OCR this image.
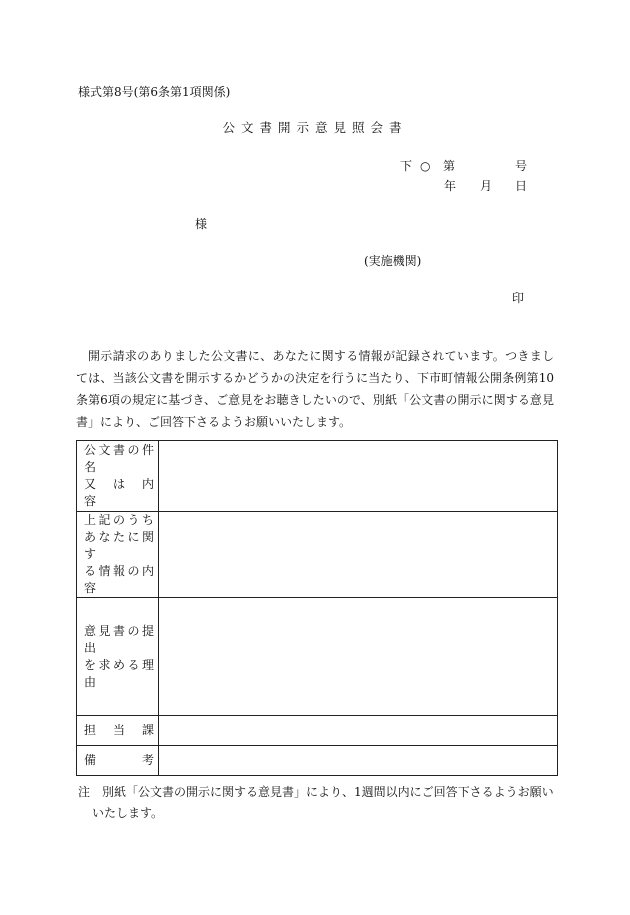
様式第8号(第6条第1項関係)
公文書開示意見照会書
下 ○ 第	号
年 月 日
様
(実施機関)
印
開示請求のありました公文書に、あなたに関する情報が記録されています。つきましては、当該公文書を開示するかどうかの決定を行うに当たり、下市町情報公開条例第10条第6項の規定に基づき、ご意見をお聴きしたいので、別紙「公文書の開示に関する意見書」により、ご回答下さるようお願いいたします。
公文書の件名
又　は　内　容	

上記のうち
あなたに関す
る情報の内容	

意見書の提出
を求める理由	

担当課	

備考	

注　別紙「公文書の開示に関する意見書」により、1週間以内にご回答下さるようお願い
いたします。
